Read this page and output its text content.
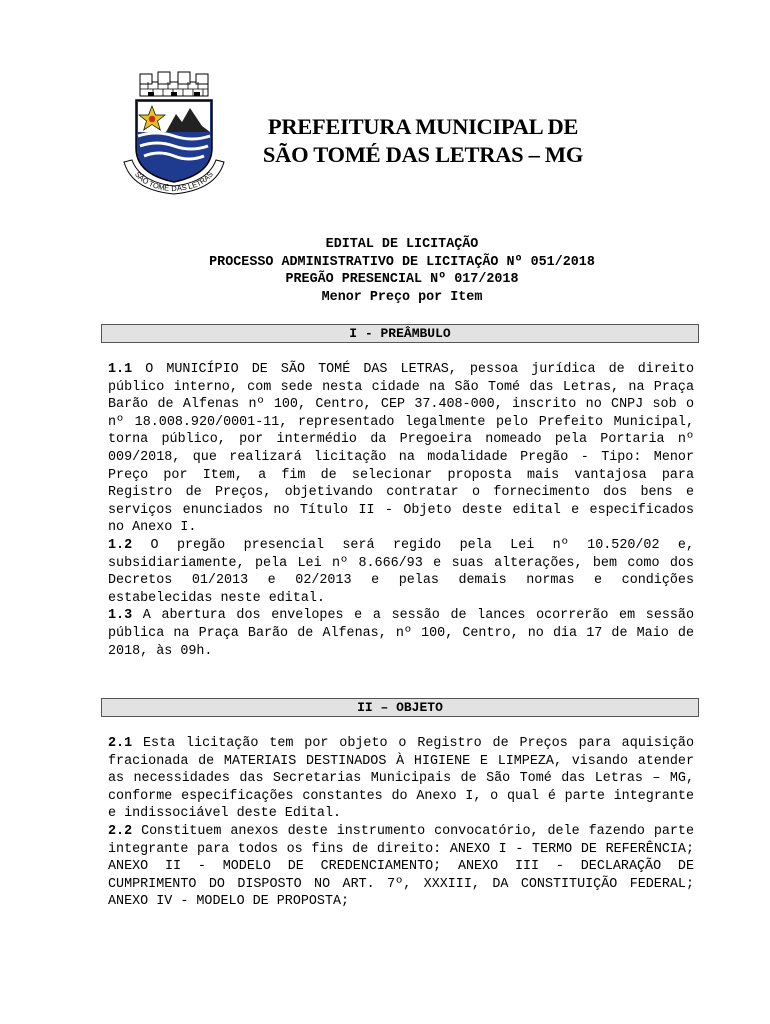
SÃO TOMÉ DAS LETRAS
PREFEITURA MUNICIPAL DE
SÃO TOMÉ DAS LETRAS – MG
EDITAL DE LICITAÇÃO
PROCESSO ADMINISTRATIVO DE LICITAÇÃO Nº 051/2018
PREGÃO PRESENCIAL Nº 017/2018
Menor Preço por Item
I - PREÂMBULO

1.1 O MUNICÍPIO DE SÃO TOMÉ DAS LETRAS, pessoa jurídica de direito público interno, com sede nesta cidade na São Tomé das Letras, na Praça Barão de Alfenas nº 100, Centro, CEP 37.408-000, inscrito no CNPJ sob o nº 18.008.920/0001-11, representado legalmente pelo Prefeito Municipal, torna público, por intermédio da Pregoeira nomeado pela Portaria nº 009/2018, que realizará licitação na modalidade Pregão - Tipo: Menor Preço por Item, a fim de selecionar proposta mais vantajosa para Registro de Preços, objetivando contratar o fornecimento dos bens e serviços enunciados no Título II - Objeto deste edital e especificados no Anexo I.

1.2 O pregão presencial será regido pela Lei nº 10.520/02 e, subsidiariamente, pela Lei nº 8.666/93 e suas alterações, bem como dos Decretos 01/2013 e 02/2013 e pelas demais normas e condições estabelecidas neste edital.

1.3 A abertura dos envelopes e a sessão de lances ocorrerão em sessão pública na Praça Barão de Alfenas, nº 100, Centro, no dia 17 de Maio de 2018, às 09h.

II – OBJETO

2.1 Esta licitação tem por objeto o Registro de Preços para aquisição fracionada de MATERIAIS DESTINADOS À HIGIENE E LIMPEZA, visando atender as necessidades das Secretarias Municipais de São Tomé das Letras – MG, conforme especificações constantes do Anexo I, o qual é parte integrante e indissociável deste Edital.

2.2 Constituem anexos deste instrumento convocatório, dele fazendo parte integrante para todos os fins de direito: ANEXO I - TERMO DE REFERÊNCIA; ANEXO II - MODELO DE CREDENCIAMENTO; ANEXO III - DECLARAÇÃO DE CUMPRIMENTO DO DISPOSTO NO ART. 7º, XXXIII, DA CONSTITUIÇÃO FEDERAL; ANEXO IV - MODELO DE PROPOSTA;
